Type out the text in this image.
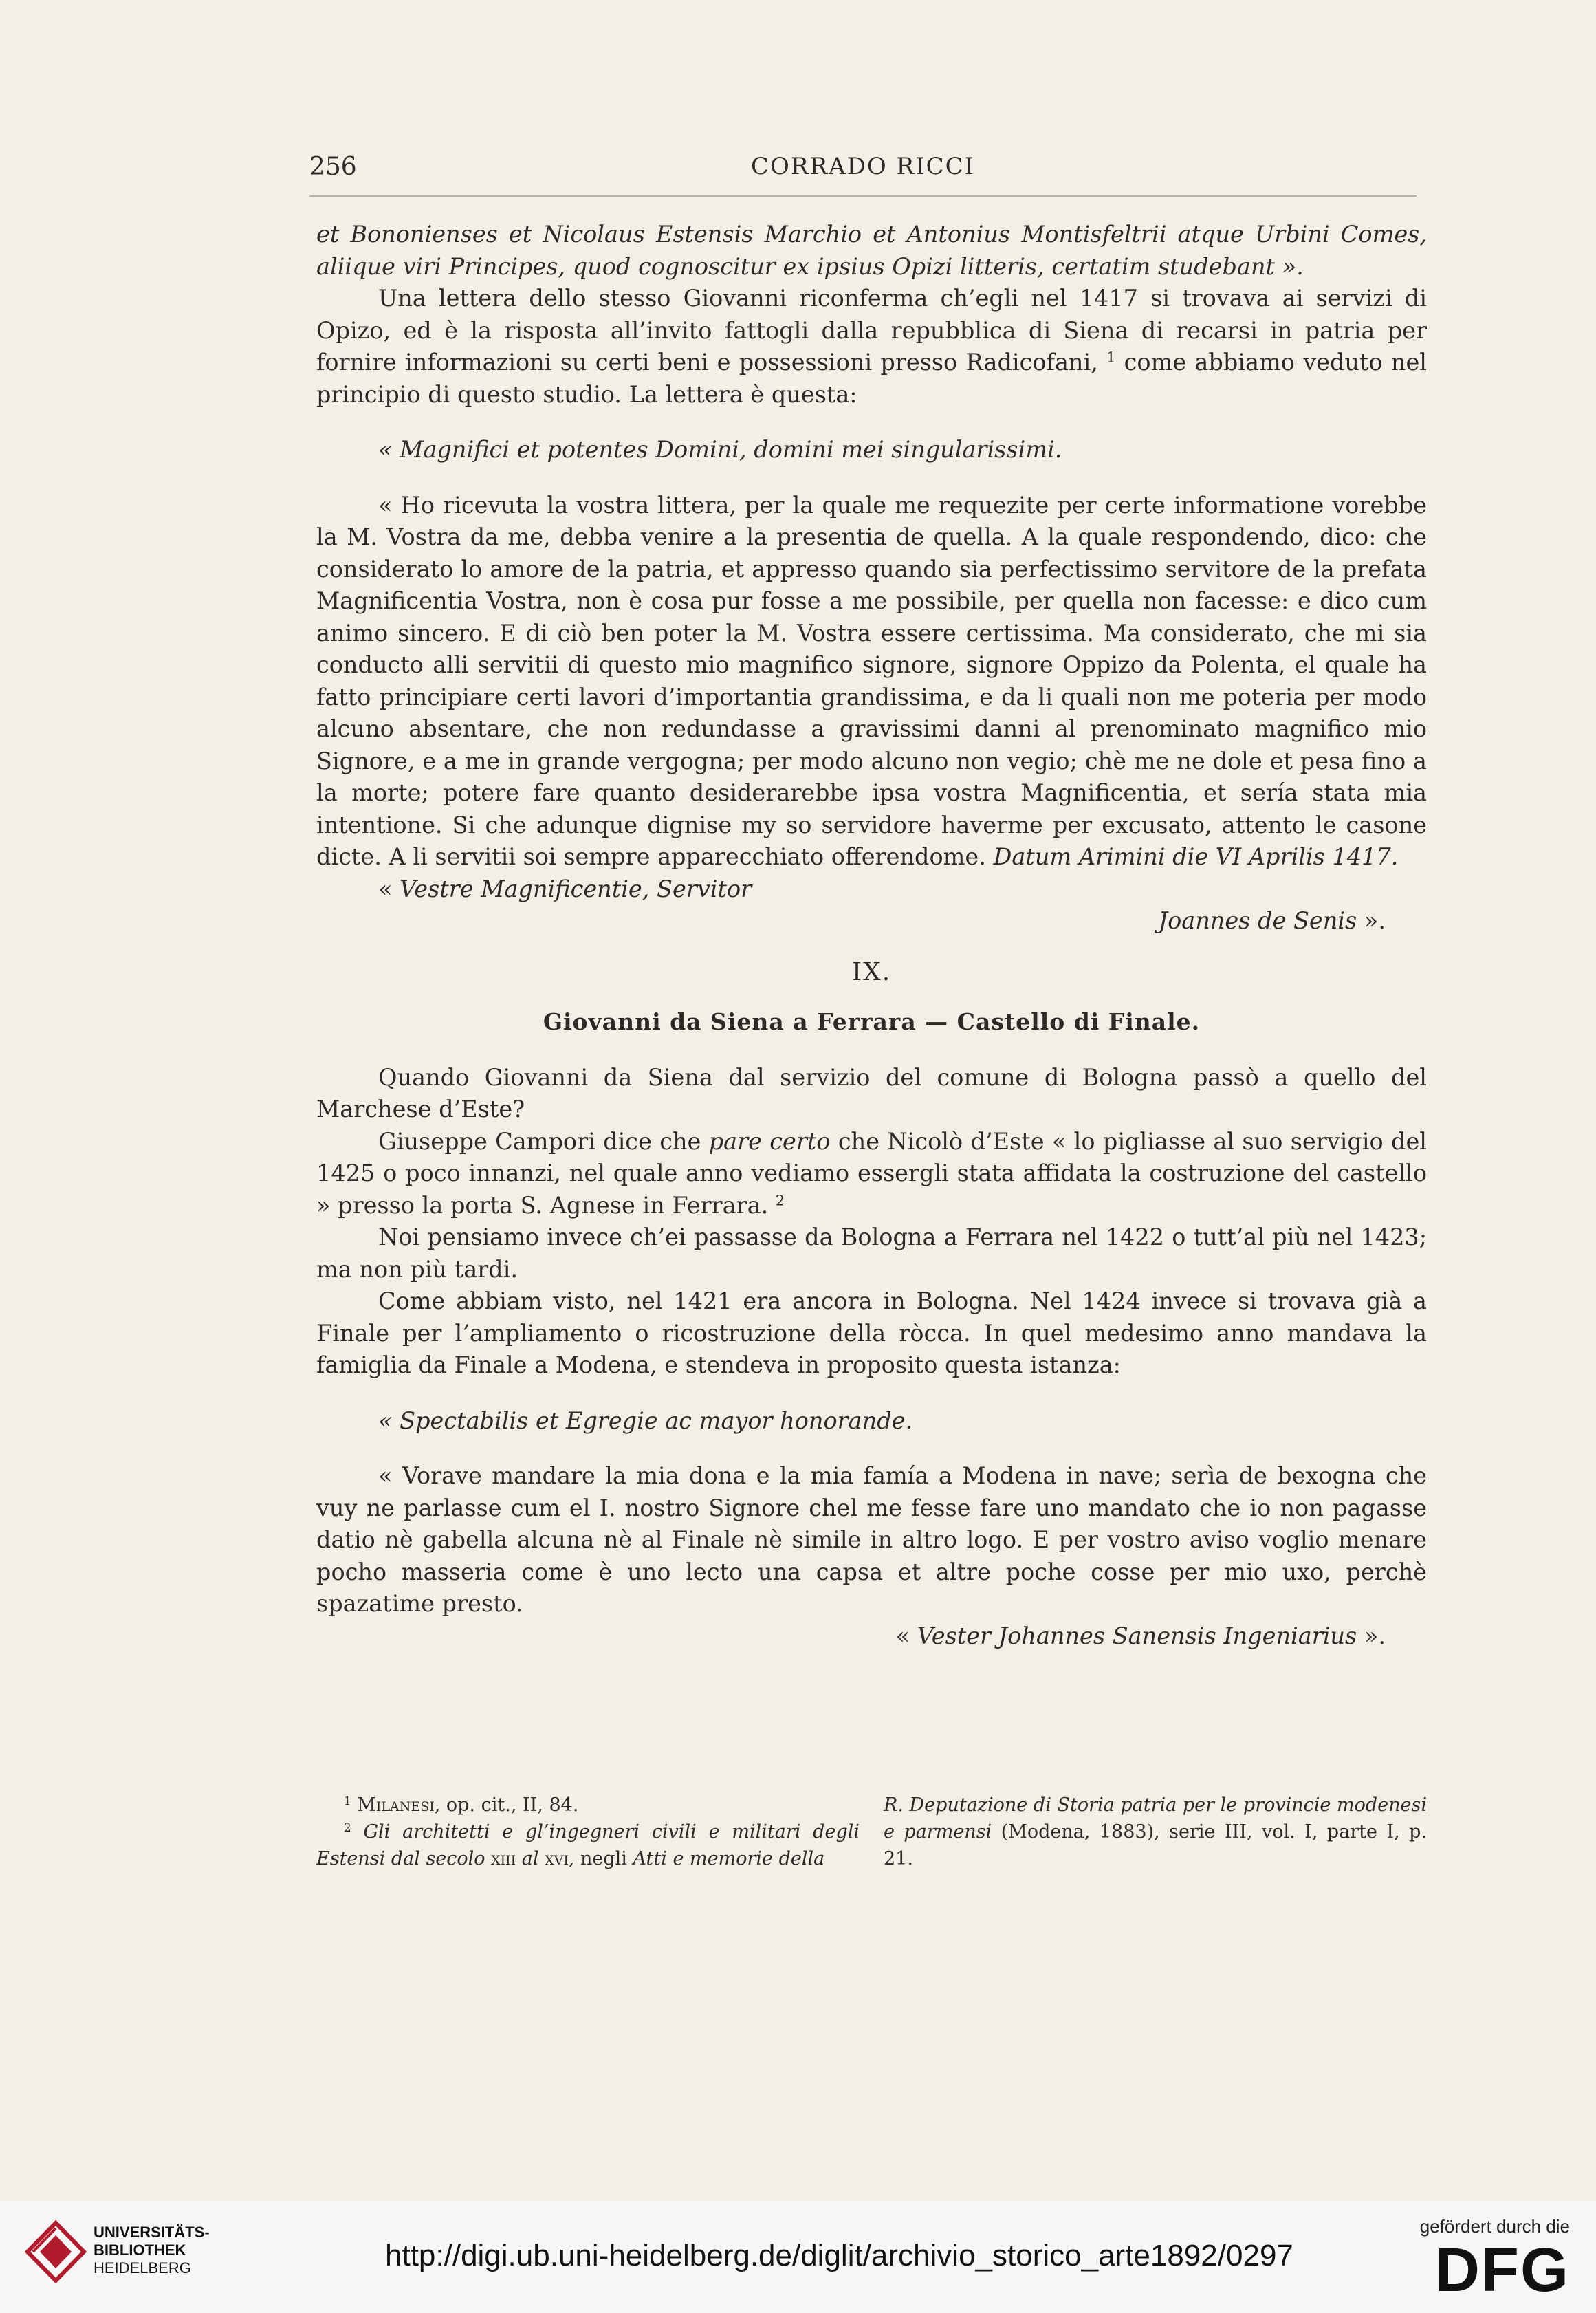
256	CORRADO RICCI

et Bononienses et Nicolaus Estensis Marchio et Antonius Montisfeltrii atque Urbini Comes, aliique viri Principes, quod cognoscitur ex ipsius Opizi litteris, certatim studebant ».

Una lettera dello stesso Giovanni riconferma ch’egli nel 1417 si trovava ai servizi di Opizo, ed è la risposta all’invito fattogli dalla repubblica di Siena di recarsi in patria per fornire informazioni su certi beni e possessioni presso Radicofani, $^1$ come abbiamo veduto nel principio di questo studio. La lettera è questa:

« Magnifici et potentes Domini, domini mei singularissimi.

« Ho ricevuta la vostra littera, per la quale me requezite per certe informatione vorebbe la M. Vostra da me, debba venire a la presentia de quella. A la quale respondendo, dico: che considerato lo amore de la patria, et appresso quando sia perfectissimo servitore de la prefata Magnificentia Vostra, non è cosa pur fosse a me possibile, per quella non facesse: e dico cum animo sincero. E di ciò ben poter la M. Vostra essere certissima. Ma considerato, che mi sia conducto alli servitii di questo mio magnifico signore, signore Oppizo da Polenta, el quale ha fatto principiare certi lavori d’importantia grandissima, e da li quali non me poteria per modo alcuno absentare, che non redundasse a gravissimi danni al prenominato magnifico mio Signore, e a me in grande vergogna; per modo alcuno non vegio; chè me ne dole et pesa fino a la morte; potere fare quanto desiderarebbe ipsa vostra Magnificentia, et sería stata mia intentione. Si che adunque dignise my so servidore haverme per excusato, attento le casone dicte. A li servitii soi sempre apparecchiato offerendome. Datum Arimini die VI Aprilis 1417.

« Vestre Magnificentie, Servitor

Joannes de Senis ».

IX.
Giovanni da Siena a Ferrara — Castello di Finale.

Quando Giovanni da Siena dal servizio del comune di Bologna passò a quello del Marchese d’Este?

Giuseppe Campori dice che pare certo che Nicolò d’Este « lo pigliasse al suo servigio del 1425 o poco innanzi, nel quale anno vediamo essergli stata affidata la costruzione del castello » presso la porta S. Agnese in Ferrara. $^2$

Noi pensiamo invece ch’ei passasse da Bologna a Ferrara nel 1422 o tutt’al più nel 1423; ma non più tardi.

Come abbiam visto, nel 1421 era ancora in Bologna. Nel 1424 invece si trovava già a Finale per l’ampliamento o ricostruzione della ròcca. In quel medesimo anno mandava la famiglia da Finale a Modena, e stendeva in proposito questa istanza:

« Spectabilis et Egregie ac mayor honorande.

« Vorave mandare la mia dona e la mia famía a Modena in nave; serìa de bexogna che vuy ne parlasse cum el I. nostro Signore chel me fesse fare uno mandato che io non pagasse datio nè gabella alcuna nè al Finale nè simile in altro logo. E per vostro aviso voglio menare pocho masseria come è uno lecto una capsa et altre poche cosse per mio uxo, perchè spazatime presto.

« Vester Johannes Sanensis Ingeniarius ».

$^1$ Milanesi, op. cit., II, 84.

$^2$ Gli architetti e gl’ingegneri civili e militari degli Estensi dal secolo xiii al xvi, negli Atti e memorie della

R. Deputazione di Storia patria per le provincie modenesi e parmensi (Modena, 1883), serie III, vol. I, parte I, p. 21.

UNIVERSITÄTS-
BIBLIOTHEK
HEIDELBERG	http://digi.ub.uni-heidelberg.de/diglit/archivio_storico_arte1892/0297
gefördert durch die
DFG
